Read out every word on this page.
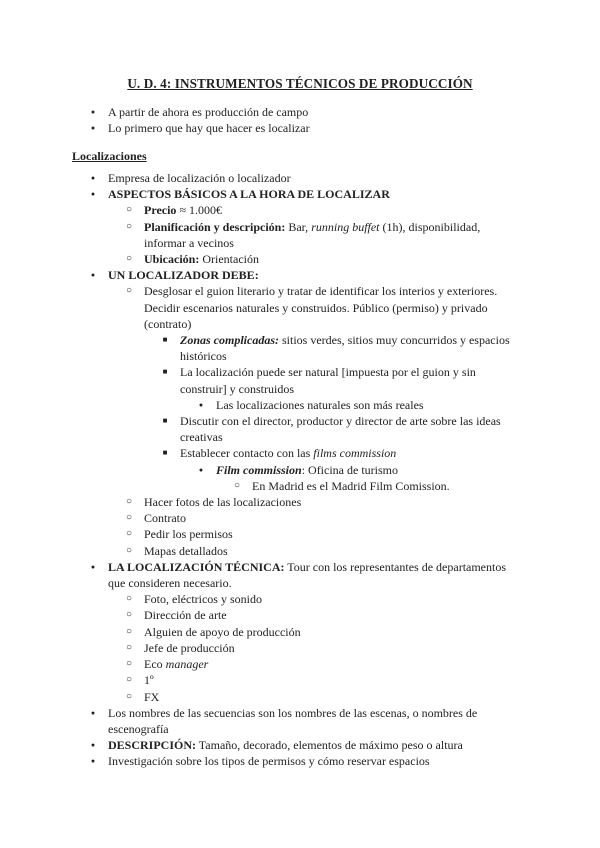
U. D. 4: INSTRUMENTOS TÉCNICOS DE PRODUCCIÓN
●
A partir de ahora es producción de campo
●
Lo primero que hay que hacer es localizar
Localizaciones
●
Empresa de localización o localizador
●
ASPECTOS BÁSICOS A LA HORA DE LOCALIZAR
○
Precio ≈ 1.000€
○
Planificación y descripción: Bar, running buffet (1h), disponibilidad, informar a vecinos
○
Ubicación: Orientación
●
UN LOCALIZADOR DEBE:
○
Desglosar el guion literario y tratar de identificar los interios y exteriores. Decidir escenarios naturales y construidos. Público (permiso) y privado (contrato)
■
Zonas complicadas: sitios verdes, sitios muy concurridos y espacios históricos
■
La localización puede ser natural [impuesta por el guion y sin construir] y construidos
●
Las localizaciones naturales son más reales
■
Discutir con el director, productor y director de arte sobre las ideas creativas
■
Establecer contacto con las films commission
●
Film commission: Oficina de turismo
○
En Madrid es el Madrid Film Comission.
○
Hacer fotos de las localizaciones
○
Contrato
○
Pedir los permisos
○
Mapas detallados
●
LA LOCALIZACIÓN TÉCNICA: Tour con los representantes de departamentos que consideren necesario.
○
Foto, eléctricos y sonido
○
Dirección de arte
○
Alguien de apoyo de producción
○
Jefe de producción
○
Eco manager
○
1º
○
FX
●
Los nombres de las secuencias son los nombres de las escenas, o nombres de escenografía
●
DESCRIPCIÓN: Tamaño, decorado, elementos de máximo peso o altura
●
Investigación sobre los tipos de permisos y cómo reservar espacios
